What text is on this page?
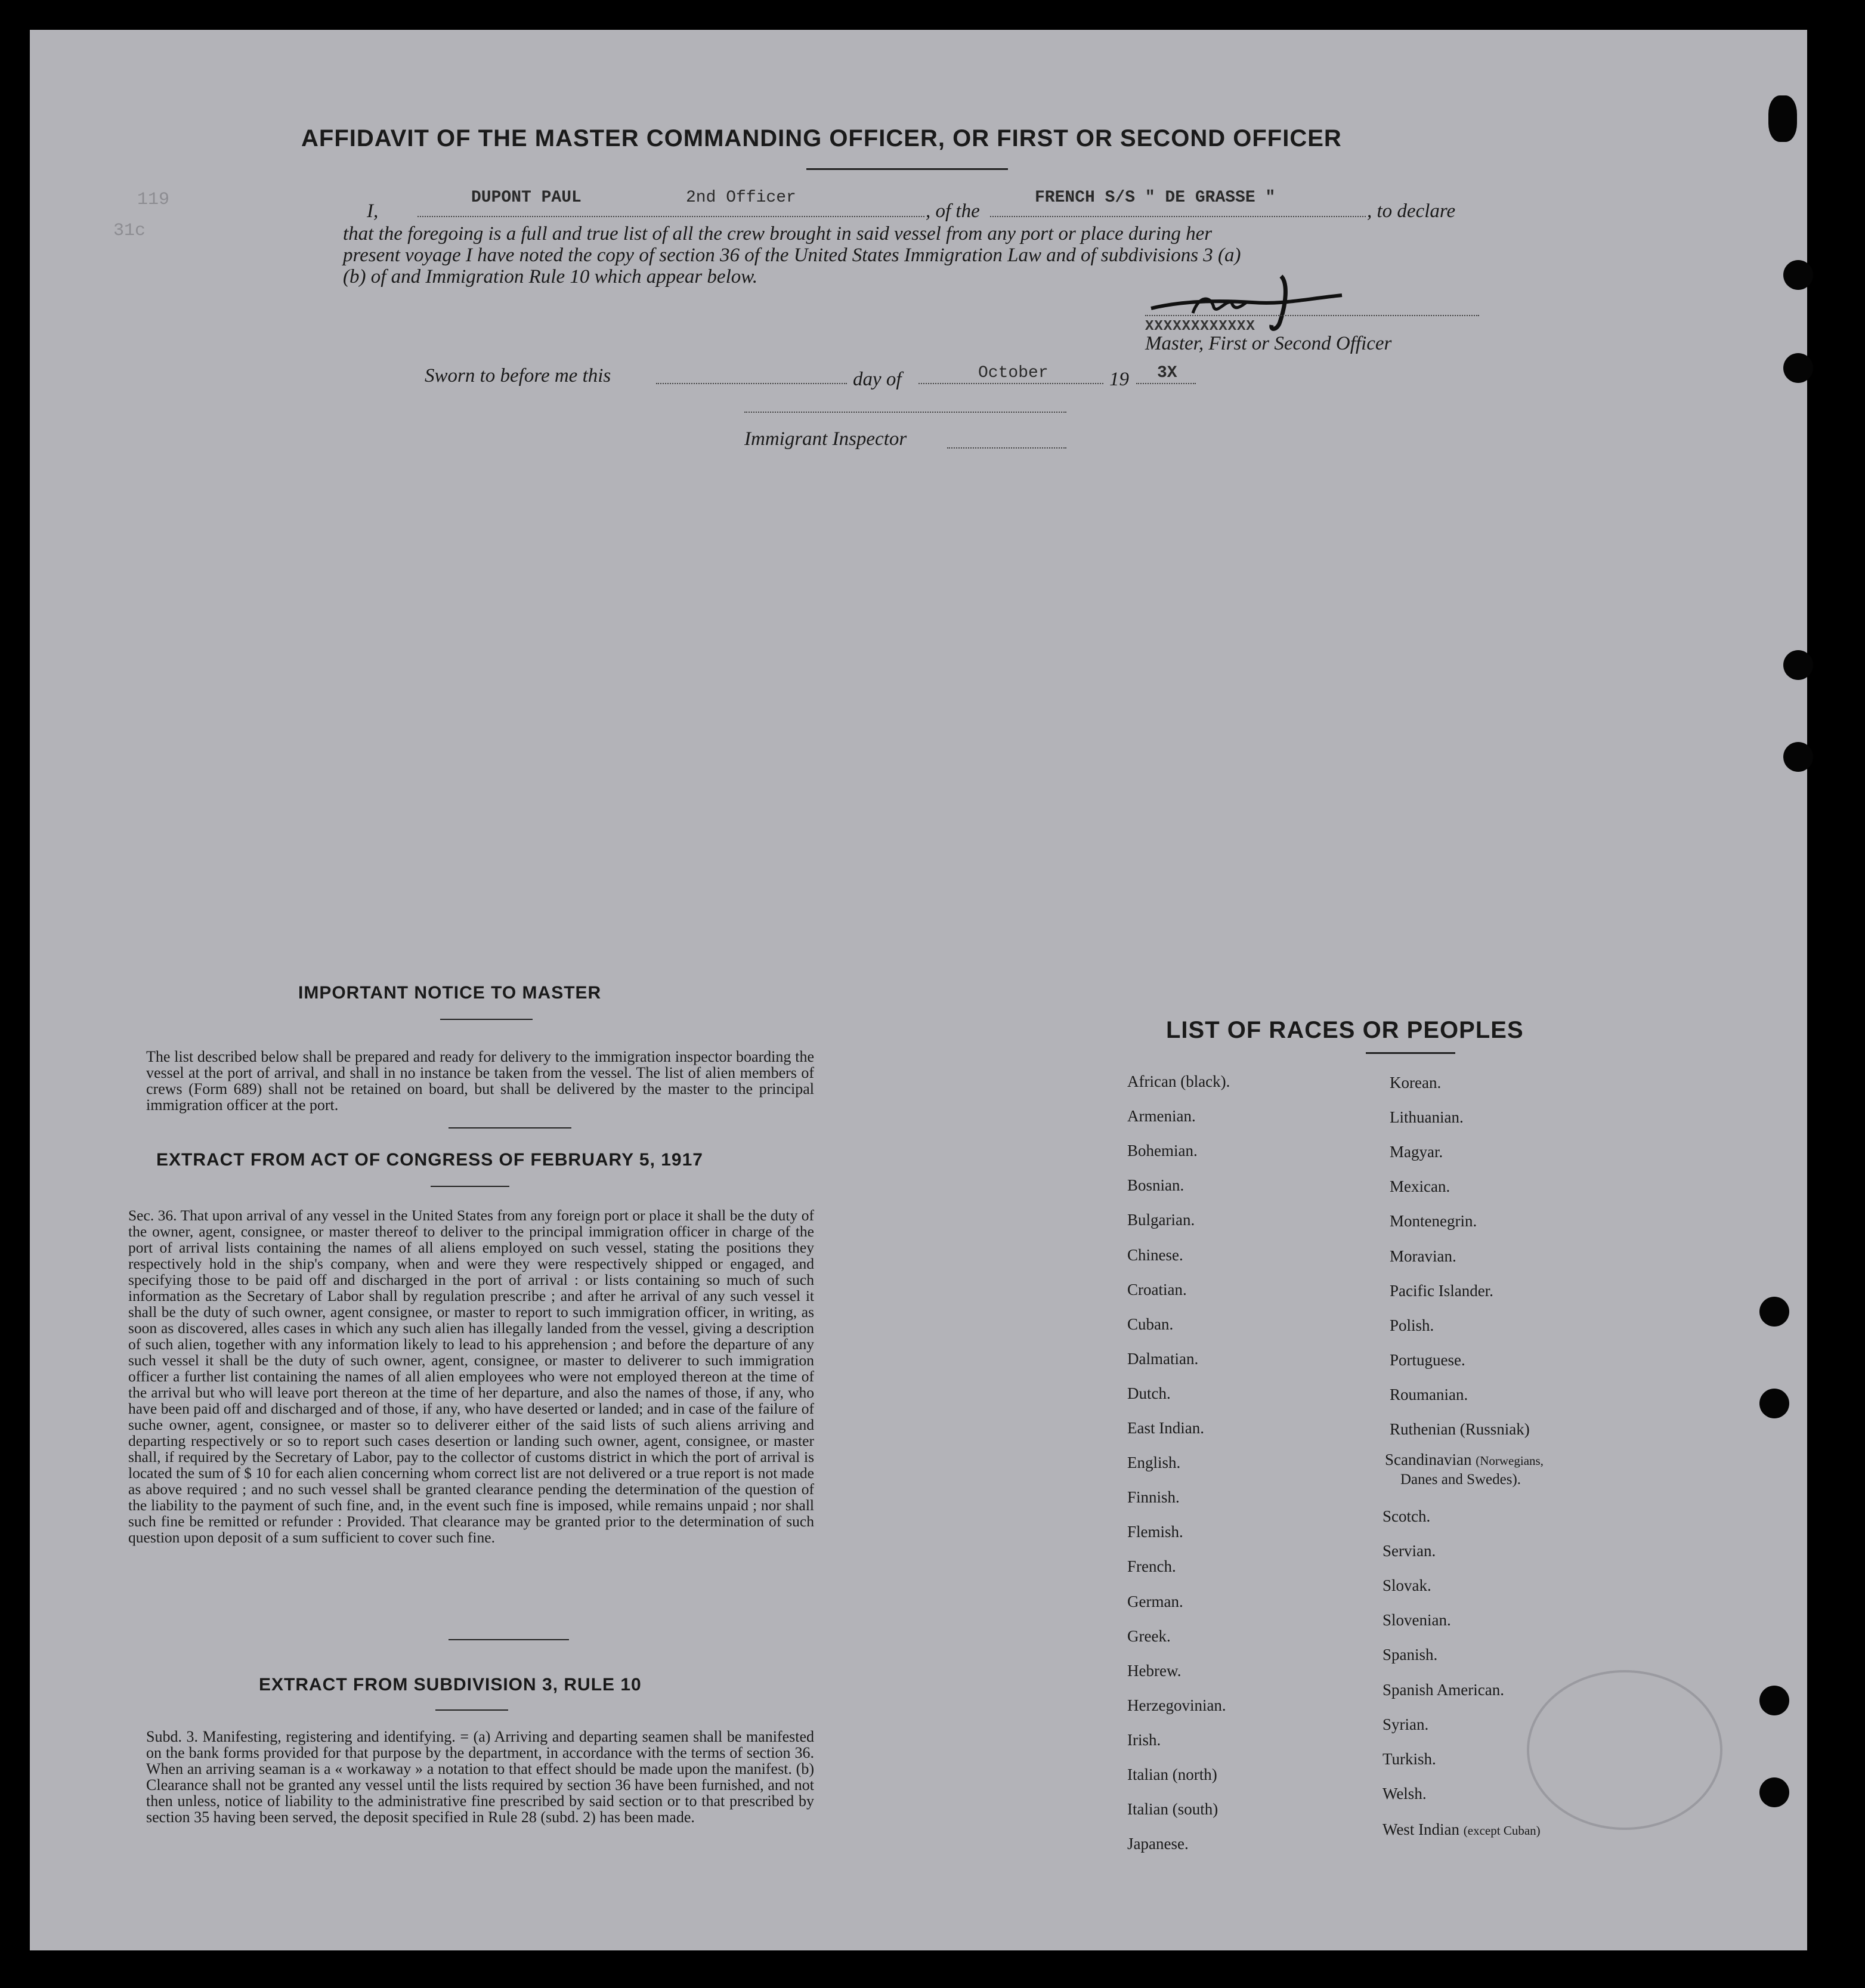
119
31c
AFFIDAVIT OF THE MASTER COMMANDING OFFICER, OR FIRST OR SECOND OFFICER
I,
DUPONT PAUL	2nd Officer
, of the
FRENCH S/S " DE GRASSE "
, to declare
that the foregoing is a full and true list of all the crew brought in said vessel from any port or place during her
present voyage I have noted the copy of section 36 of the United States Immigration Law and of subdivisions 3 (a)
(b) of and Immigration Rule 10 which appear below.
XXXXXXXXXXXX
Master, First or Second Officer
Sworn to before me this	day of	October	19 3X
Immigrant Inspector
IMPORTANT NOTICE TO MASTER
The list described below shall be prepared and ready for delivery to the immigration inspector boarding the vessel at the port of arrival, and shall in no instance be taken from the vessel. The list of alien members of crews (Form 689) shall not be retained on board, but shall be delivered by the master to the principal immigration officer at the port.
EXTRACT FROM ACT OF CONGRESS OF FEBRUARY 5, 1917
Sec. 36. That upon arrival of any vessel in the United States from any foreign port or place it shall be the duty of the owner, agent, consignee, or master thereof to deliver to the principal immigration officer in charge of the port of arrival lists containing the names of all aliens employed on such vessel, stating the positions they respectively hold in the ship's company, when and were they were respectively shipped or engaged, and specifying those to be paid off and discharged in the port of arrival : or lists containing so much of such information as the Secretary of Labor shall by regulation prescribe ; and after he arrival of any such vessel it shall be the duty of such owner, agent consignee, or master to report to such immigration officer, in writing, as soon as discovered, alles cases in which any such alien has illegally landed from the vessel, giving a description of such alien, together with any information likely to lead to his apprehension ; and before the departure of any such vessel it shall be the duty of such owner, agent, consignee, or master to deliverer to such immigration officer a further list containing the names of all alien employees who were not employed thereon at the time of the arrival but who will leave port thereon at the time of her departure, and also the names of those, if any, who have been paid off and discharged and of those, if any, who have deserted or landed; and in case of the failure of suche owner, agent, consignee, or master so to deliverer either of the said lists of such aliens arriving and departing respectively or so to report such cases desertion or landing such owner, agent, consignee, or master shall, if required by the Secretary of Labor, pay to the collector of customs district in which the port of arrival is located the sum of $ 10 for each alien concerning whom correct list are not delivered or a true report is not made as above required ; and no such vessel shall be granted clearance pending the determination of the question of the liability to the payment of such fine, and, in the event such fine is imposed, while remains unpaid ; nor shall such fine be remitted or refunder : Provided. That clearance may be granted prior to the determination of such question upon deposit of a sum sufficient to cover such fine.
EXTRACT FROM SUBDIVISION 3, RULE 10
Subd. 3. Manifesting, registering and identifying. = (a) Arriving and departing seamen shall be manifested on the bank forms provided for that purpose by the department, in accordance with the terms of section 36. When an arriving seaman is a « workaway » a notation to that effect should be made upon the manifest. (b) Clearance shall not be granted any vessel until the lists required by section 36 have been furnished, and not then unless, notice of liability to the administrative fine prescribed by said section or to that prescribed by section 35 having been served, the deposit specified in Rule 28 (subd. 2) has been made.
LIST OF RACES OR PEOPLES
African (black).
Armenian.
Bohemian.
Bosnian.
Bulgarian.
Chinese.
Croatian.
Cuban.
Dalmatian.
Dutch.
East Indian.
English.
Finnish.
Flemish.
French.
German.
Greek.
Hebrew.
Herzegovinian.
Irish.
Italian (north)
Italian (south)
Japanese.
Korean.
Lithuanian.
Magyar.
Mexican.
Montenegrin.
Moravian.
Pacific Islander.
Polish.
Portuguese.
Roumanian.
Ruthenian (Russniak)
Scotch.
Servian.
Slovak.
Slovenian.
Spanish.
Spanish American.
Syrian.
Turkish.
Welsh.
Scandinavian (Norwegians,
Danes and Swedes).
West Indian (except Cuban)
